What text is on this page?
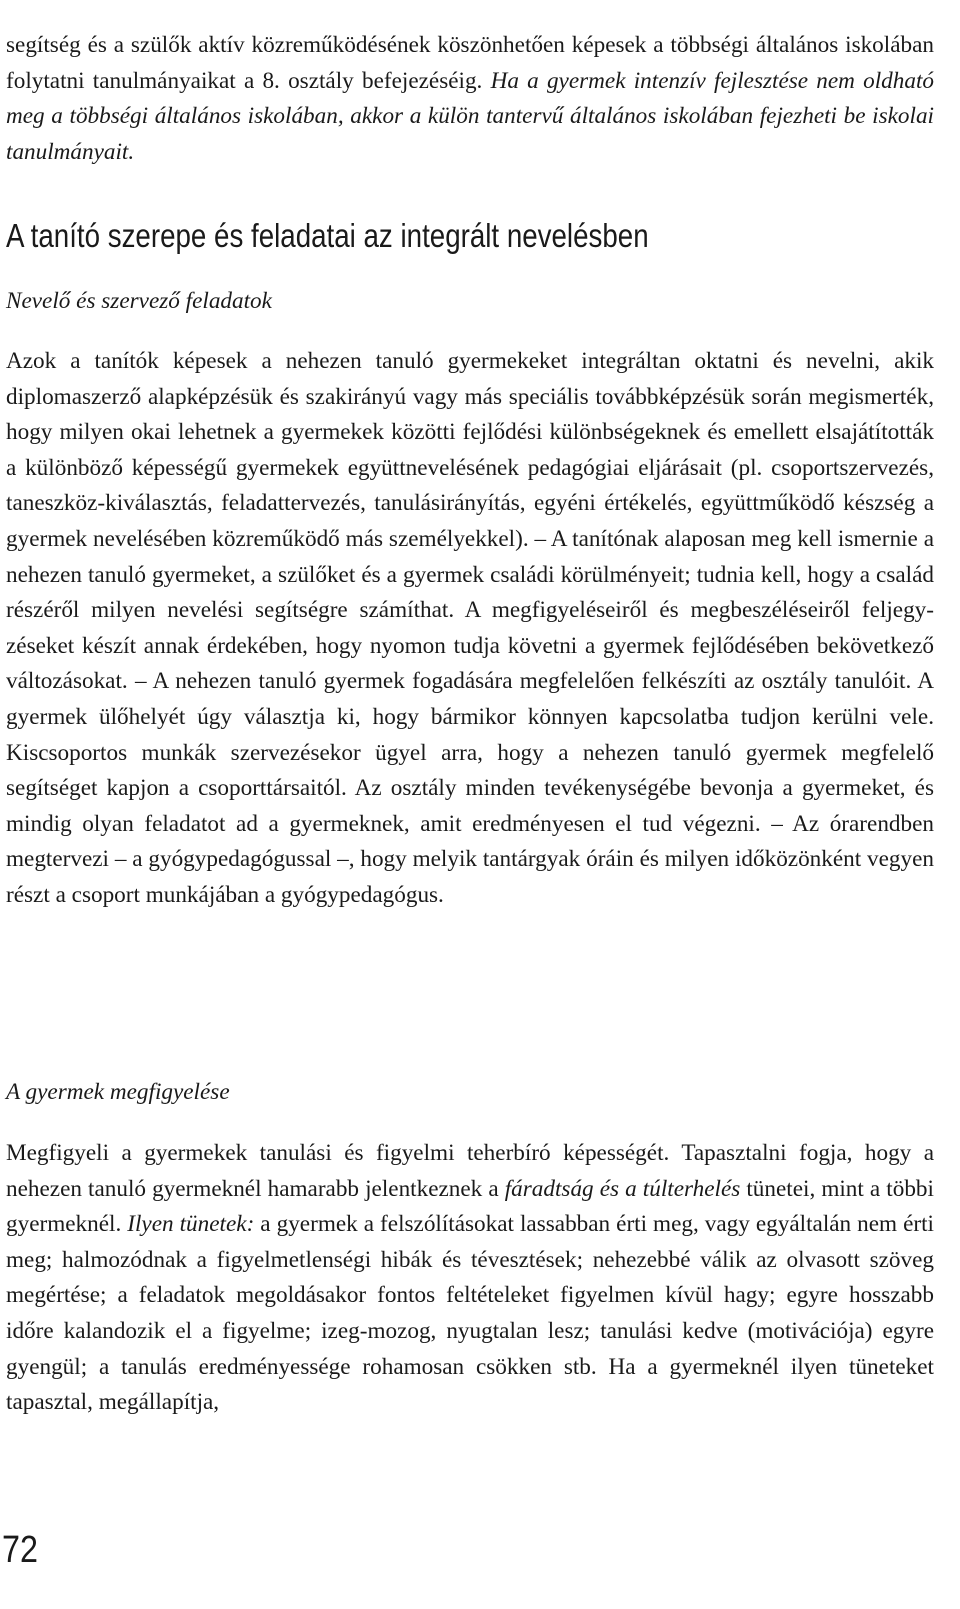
segítség és a szülők aktív közreműködésének köszönhetően képesek a többségi általános iskolában folytatni tanulmányaikat a 8. osztály befejezéséig. Ha a gyermek intenzív fejlesztése nem oldható meg a többségi általános iskolában, akkor a külön tantervű általános iskolában fejezheti be iskolai tanulmányait.

A tanító szerepe és feladatai az integrált nevelésben
Nevelő és szervező feladatok

Azok a tanítók képesek a nehezen tanuló gyermekeket integráltan oktatni és nevelni, akik diplomaszerző alapképzésük és szakirányú vagy más speciális továbbképzésük során megismerték, hogy milyen okai lehetnek a gyermekek közötti fejlődési különbségeknek és emellett elsajátították a különböző képességű gyermekek együttnevelésének pedagógiai eljárásait (pl. csoportszervezés, taneszköz-kiválasztás, feladattervezés, tanulásirányítás, egyéni értékelés, együttműködő készség a gyermek nevelésében közreműködő más személyekkel). – A tanítónak alaposan meg kell ismernie a nehezen tanuló gyermeket, a szülőket és a gyermek családi körülményeit; tudnia kell, hogy a család részéről milyen nevelési segítségre számíthat. A megfigyeléseiről és megbeszéléseiről feljegyzéseket készít annak érdekében, hogy nyomon tudja követni a gyermek fejlődésében bekövetkező változásokat. – A nehezen tanuló gyermek fogadására megfelelően felkészíti az osztály tanulóit. A gyermek ülőhelyét úgy választja ki, hogy bármikor könnyen kapcsolatba tudjon kerülni vele. Kiscsoportos munkák szervezésekor ügyel arra, hogy a nehezen tanuló gyermek megfelelő segítséget kapjon a csoporttársaitól. Az osztály minden tevékenységébe bevonja a gyermeket, és mindig olyan feladatot ad a gyermeknek, amit eredményesen el tud végezni. – Az órarendben megtervezi – a gyógypedagógussal –, hogy melyik tantárgyak óráin és milyen időközönként vegyen részt a csoport munkájában a gyógypedagógus.

A gyermek megfigyelése

Megfigyeli a gyermekek tanulási és figyelmi teherbíró képességét. Tapasztalni fogja, hogy a nehezen tanuló gyermeknél hamarabb jelentkeznek a fáradtság és a túlterhelés tünetei, mint a többi gyermeknél. Ilyen tünetek: a gyermek a felszólításokat lassabban érti meg, vagy egyáltalán nem érti meg; halmozódnak a figyelmetlenségi hibák és tévesztések; nehezebbé válik az olvasott szöveg megértése; a feladatok megoldásakor fontos feltételeket figyelmen kívül hagy; egyre hosszabb időre kalandozik el a figyelme; izeg-mozog, nyugtalan lesz; tanulási kedve (motivációja) egyre gyengül; a tanulás eredményessége rohamosan csökken stb. Ha a gyermeknél ilyen tüneteket tapasztal, megállapítja,

72
